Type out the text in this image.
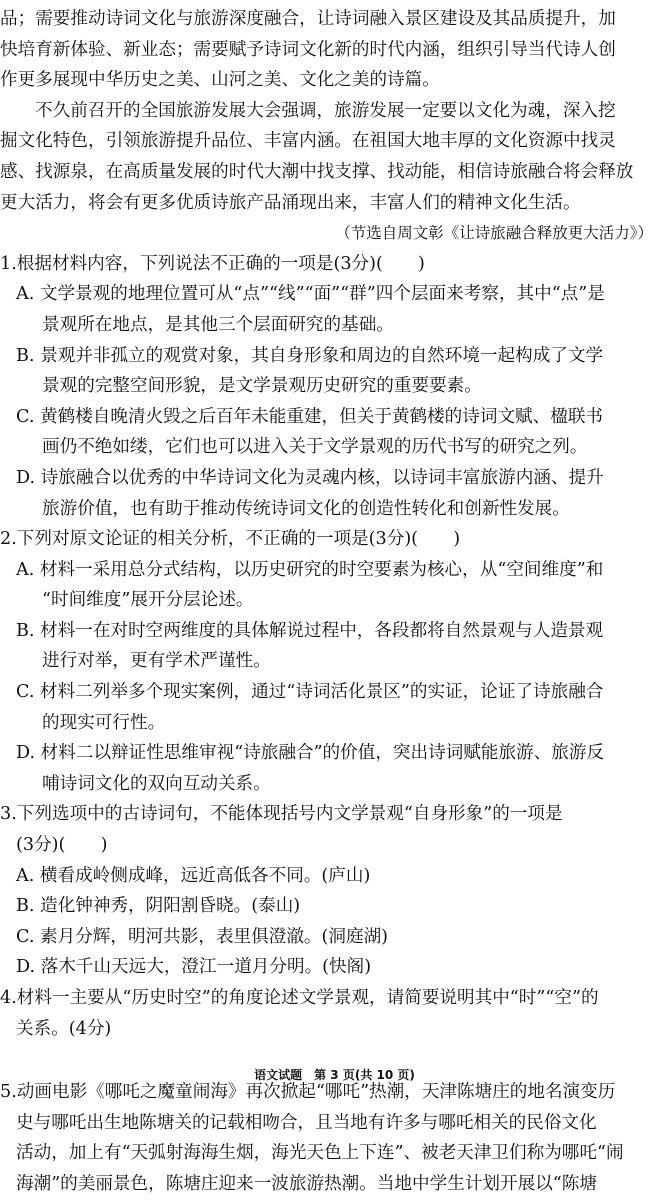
品；需要推动诗词文化与旅游深度融合，让诗词融入景区建设及其品质提升，加
快培育新体验、新业态；需要赋予诗词文化新的时代内涵，组织引导当代诗人创
作更多展现中华历史之美、山河之美、文化之美的诗篇。
不久前召开的全国旅游发展大会强调，旅游发展一定要以文化为魂，深入挖
掘文化特色，引领旅游提升品位、丰富内涵。在祖国大地丰厚的文化资源中找灵
感、找源泉，在高质量发展的时代大潮中找支撑、找动能，相信诗旅融合将会释放
更大活力，将会有更多优质诗旅产品涌现出来，丰富人们的精神文化生活。
（节选自周文彰《让诗旅融合释放更大活力》）
1.根据材料内容，下列说法不正确的一项是(3分)(　　)
A. 文学景观的地理位置可从“点”“线”“面”“群”四个层面来考察，其中“点”是
景观所在地点，是其他三个层面研究的基础。
B. 景观并非孤立的观赏对象，其自身形象和周边的自然环境一起构成了文学
景观的完整空间形貌，是文学景观历史研究的重要要素。
C. 黄鹤楼自晚清火毁之后百年未能重建，但关于黄鹤楼的诗词文赋、楹联书
画仍不绝如缕，它们也可以进入关于文学景观的历代书写的研究之列。
D. 诗旅融合以优秀的中华诗词文化为灵魂内核，以诗词丰富旅游内涵、提升
旅游价值，也有助于推动传统诗词文化的创造性转化和创新性发展。
2.下列对原文论证的相关分析，不正确的一项是(3分)(　　)
A. 材料一采用总分式结构，以历史研究的时空要素为核心，从“空间维度”和
“时间维度”展开分层论述。
B. 材料一在对时空两维度的具体解说过程中，各段都将自然景观与人造景观
进行对举，更有学术严谨性。
C. 材料二列举多个现实案例，通过“诗词活化景区”的实证，论证了诗旅融合
的现实可行性。
D. 材料二以辩证性思维审视“诗旅融合”的价值，突出诗词赋能旅游、旅游反
哺诗词文化的双向互动关系。
3.下列选项中的古诗词句，不能体现括号内文学景观“自身形象”的一项是
(3分)(　　)
A. 横看成岭侧成峰，远近高低各不同。(庐山)
B. 造化钟神秀，阴阳割昏晓。(泰山)
C. 素月分辉，明河共影，表里俱澄澈。(洞庭湖)
D. 落木千山天远大，澄江一道月分明。(快阁)
4.材料一主要从“历史时空”的角度论述文学景观，请简要说明其中“时”“空”的
关系。(4分)
5.动画电影《哪吒之魔童闹海》再次掀起“哪吒”热潮，天津陈塘庄的地名演变历
史与哪吒出生地陈塘关的记载相吻合，且当地有许多与哪吒相关的民俗文化
活动，加上有“天弧射海海生烟，海光天色上下连”、被老天津卫们称为哪吒“闹
海潮”的美丽景色，陈塘庄迎来一波旅游热潮。当地中学生计划开展以“陈塘
语文试题　第 3 页(共 10 页)
